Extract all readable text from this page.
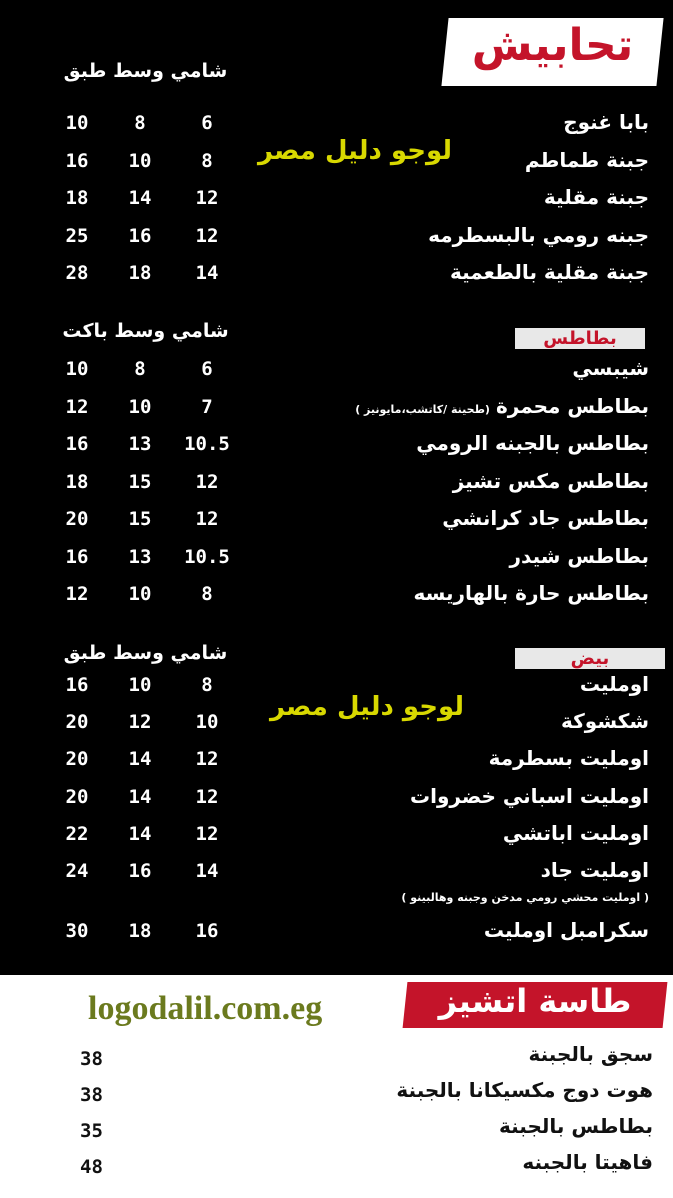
تحابيش
شامي وسط طبق
بابا غنوج
6
8
10
جبنة طماطم
8
10
16
جبنة مقلية
12
14
18
جبنه رومي بالبسطرمه
12
16
25
جبنة مقلية بالطعمية
14
18
28
لوجو دليل مصر
شامي وسط باكت	بطاطس
شيبسي
6
8
10
بطاطس محمرة(طحينة /كاتشب،مايونيز )
7
10
12
بطاطس بالجبنه الرومي
10.5
13
16
بطاطس مكس تشيز
12
15
18
بطاطس جاد كرانشي
12
15
20
بطاطس شيدر
10.5
13
16
بطاطس حارة بالهاريسه
8
10
12
شامي وسط طبق	بيض
اومليت
8
10
16
شكشوكة
10
12
20
اومليت بسطرمة
12
14
20
اومليت اسباني خضروات
12
14
20
اومليت اباتشي
12
14
22
اومليت جاد
14
16
24
سكرامبل اومليت
16
18
30
( اومليت محشي رومي مدخن وجبنه وهالبينو )
لوجو دليل مصر
طاسة اتشيز
logodalil.com.eg
سجق بالجبنة
38
هوت دوج مكسيكانا بالجبنة
38
بطاطس بالجبنة
35
فاهيتا بالجبنه
48
